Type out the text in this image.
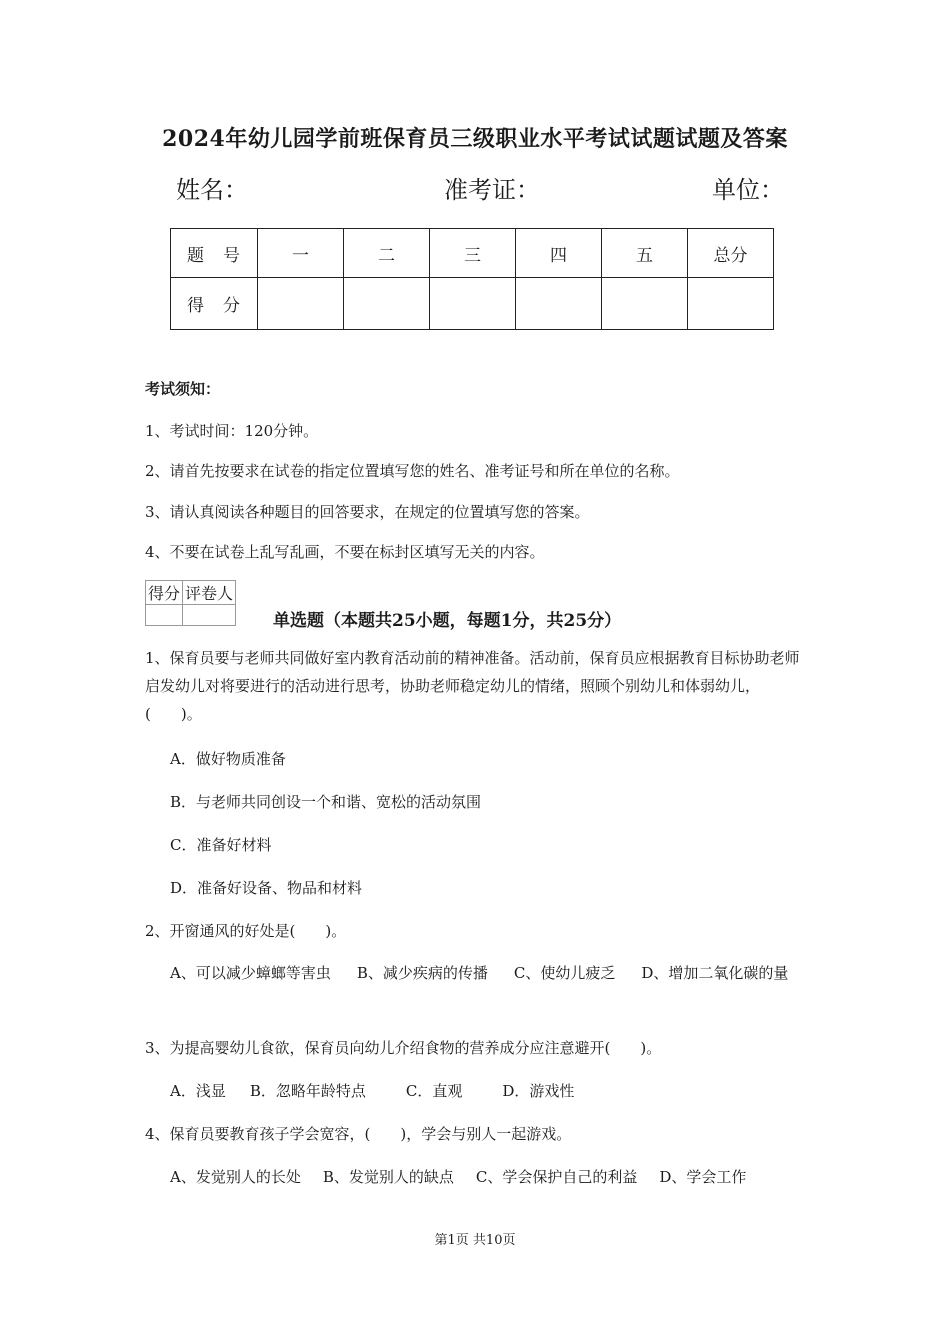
2024年幼儿园学前班保育员三级职业水平考试试题试题及答案
姓名：	准考证：	单位：
题　号	一	二	三	四	五	总分
得　分						
考试须知：
1、考试时间：120分钟。
2、请首先按要求在试卷的指定位置填写您的姓名、准考证号和所在单位的名称。
3、请认真阅读各种题目的回答要求，在规定的位置填写您的答案。
4、不要在试卷上乱写乱画，不要在标封区填写无关的内容。
得分	评卷人

单选题（本题共25小题，每题1分，共25分）
1、保育员要与老师共同做好室内教育活动前的精神准备。活动前，保育员应根据教育目标协助老师启发幼儿对将要进行的活动进行思考，协助老师稳定幼儿的情绪，照顾个别幼儿和体弱幼儿，(　　)。
A．做好物质准备
B．与老师共同创设一个和谐、宽松的活动氛围
C．准备好材料
D．准备好设备、物品和材料
2、开窗通风的好处是(　　)。
A、可以减少蟑螂等害虫 B、减少疾病的传播 C、使幼儿疲乏 D、增加二氧化碳的量
3、为提高婴幼儿食欲，保育员向幼儿介绍食物的营养成分应注意避开(　　)。
A．浅显 B．忽略年龄特点	C．直观	D．游戏性
4、保育员要教育孩子学会宽容，(　　)，学会与别人一起游戏。
A、发觉别人的长处 B、发觉别人的缺点 C、学会保护自己的利益 D、学会工作
第1页 共10页
